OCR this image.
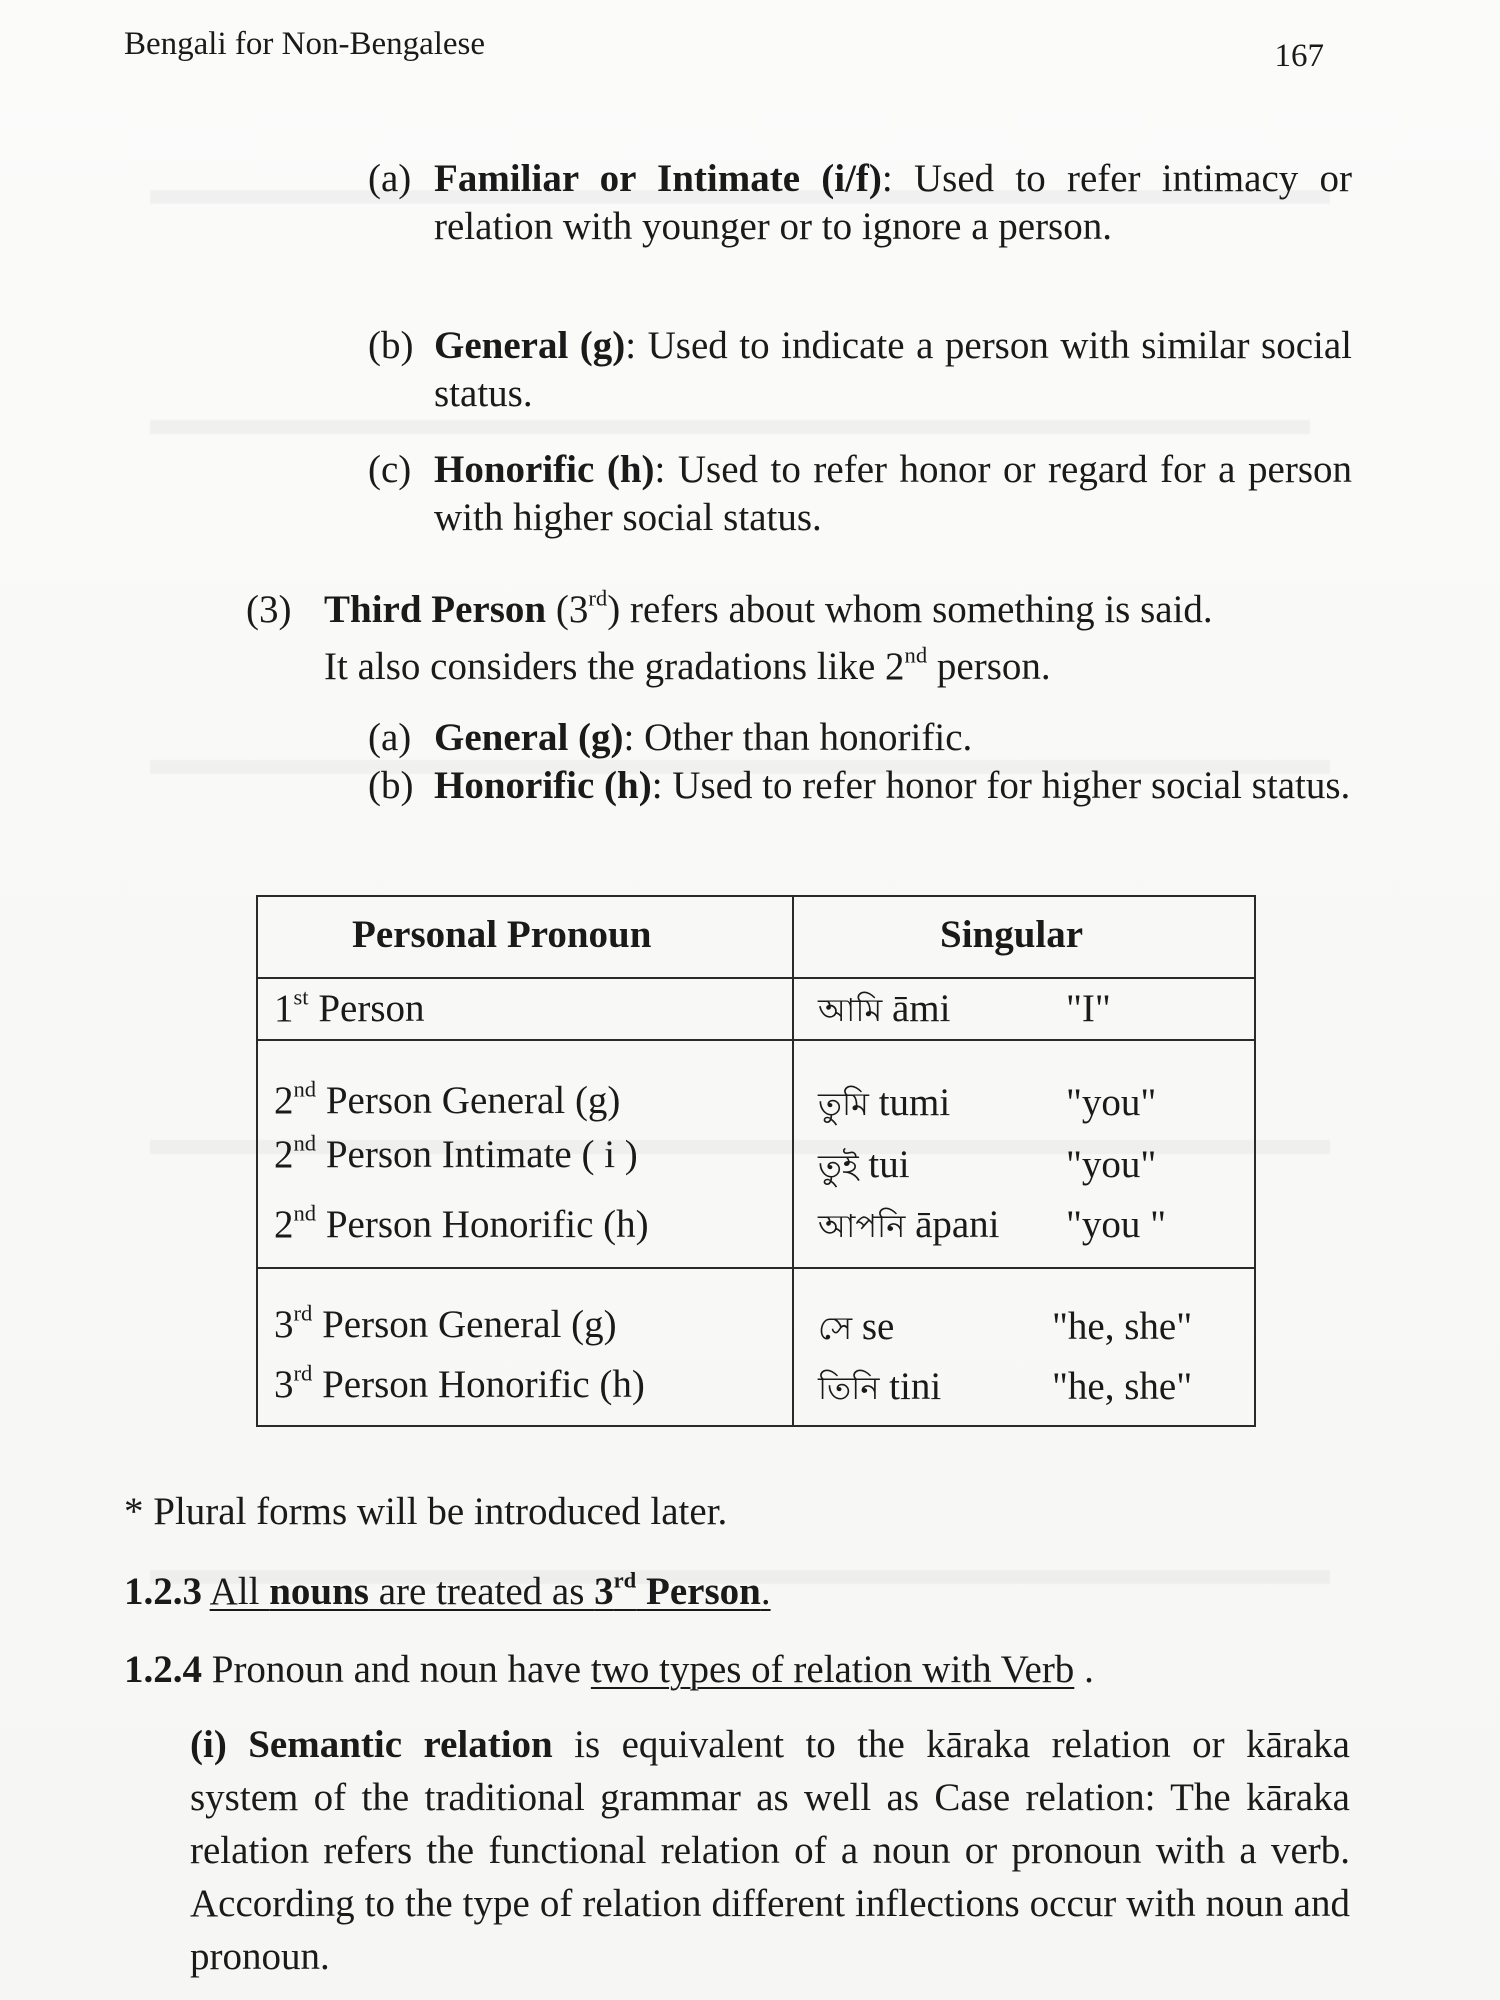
Bengali for Non-Bengalese	167
(a) Familiar or Intimate (i/f): Used to refer intimacy or relation with younger or to ignore a person.
(b) General (g): Used to indicate a person with similar social status.
(c) Honorific (h): Used to refer honor or regard for a person with higher social status.
(3) Third Person (3rd) refers about whom something is said.
It also considers the gradations like 2nd person.
(a) General (g): Other than honorific.
(b) Honorific (h): Used to refer honor for higher social status.
Personal Pronoun	Singular
1st Person	আমি āmi	"I"
2nd Person General (g)	তুমি tumi	"you"
2nd Person Intimate ( i )	তুই tui	"you"
2nd Person Honorific (h)	আপনি āpani "you "
3rd Person General (g)	সে se	"he, she"
3rd Person Honorific (h)	তিনি tini	"he, she"
* Plural forms will be introduced later.
1.2.3 All nouns are treated as 3rd Person.
1.2.4 Pronoun and noun have two types of relation with Verb .
(i) Semantic relation is equivalent to the kāraka relation or kāraka system of the traditional grammar as well as Case relation: The kāraka relation refers the functional relation of a noun or pronoun with a verb. According to the type of relation different inflections occur with noun and pronoun.
